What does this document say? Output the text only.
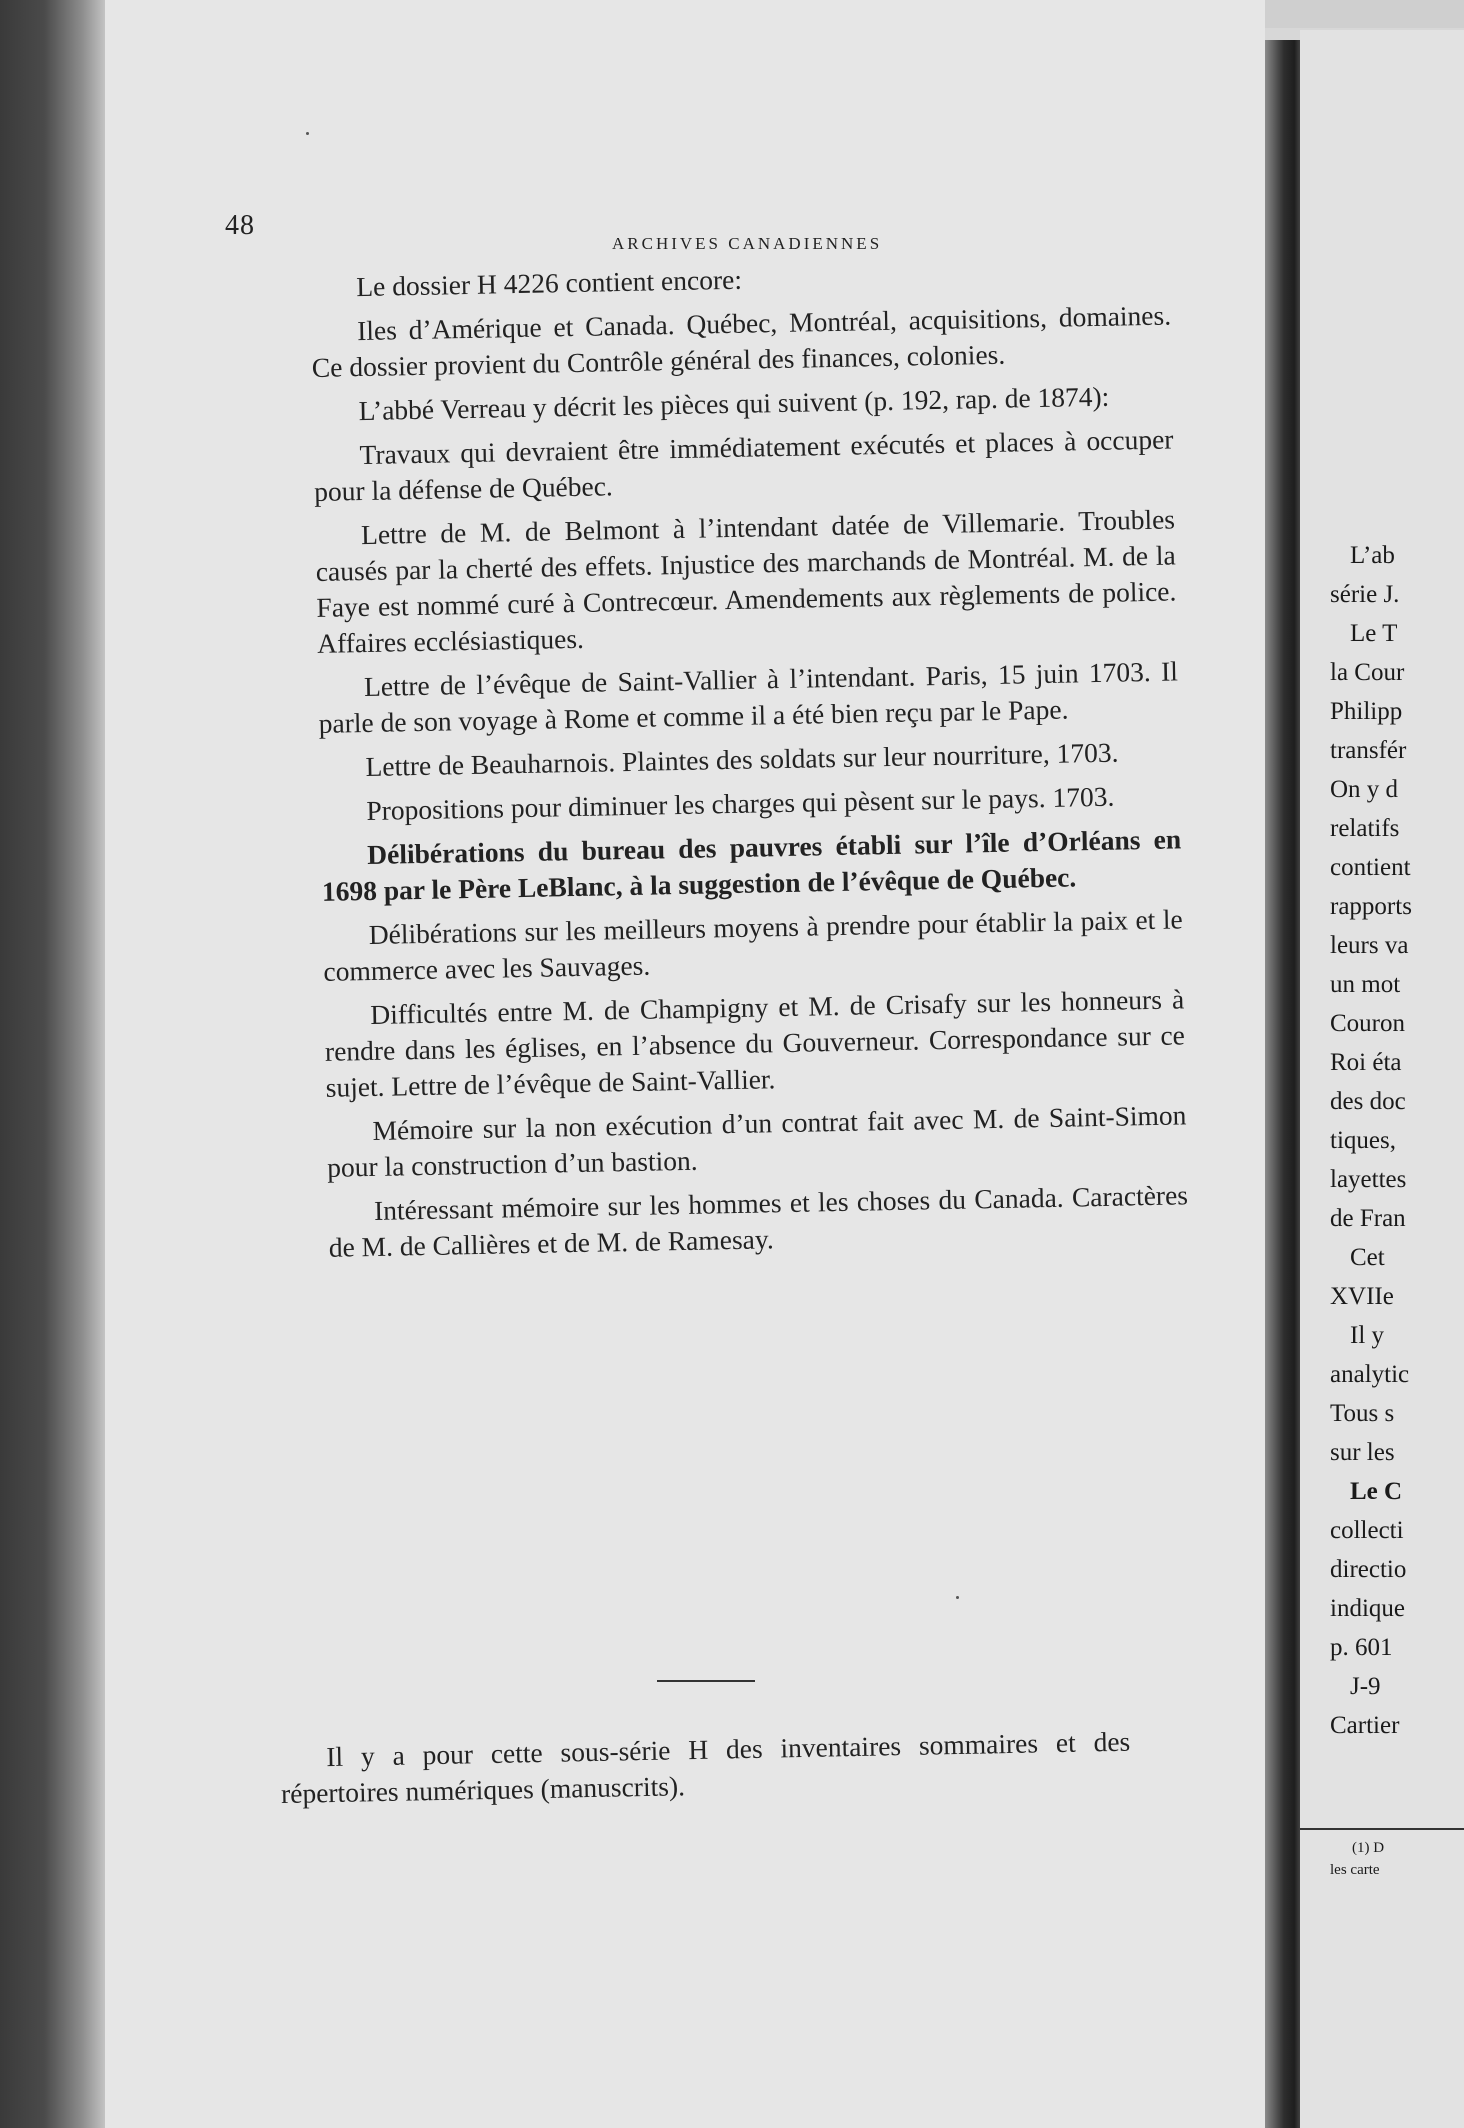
48
ARCHIVES CANADIENNES

Le dossier H 4226 contient encore:

Iles d’Amérique et Canada. Québec, Montréal, acquisitions, domaines. Ce dossier provient du Contrôle général des finances, colonies.

L’abbé Verreau y décrit les pièces qui suivent (p. 192, rap. de 1874):

Travaux qui devraient être immédiatement exécutés et places à occuper pour la défense de Québec.

Lettre de M. de Belmont à l’intendant datée de Villemarie. Troubles causés par la cherté des effets. Injustice des marchands de Montréal. M. de la Faye est nommé curé à Contrecœur. Amendements aux règlements de police. Affaires ecclésiastiques.

Lettre de l’évêque de Saint-Vallier à l’intendant. Paris, 15 juin 1703. Il parle de son voyage à Rome et comme il a été bien reçu par le Pape.

Lettre de Beauharnois. Plaintes des soldats sur leur nourriture, 1703.

Propositions pour diminuer les charges qui pèsent sur le pays. 1703.

Délibérations du bureau des pauvres établi sur l’île d’Orléans en 1698 par le Père LeBlanc, à la suggestion de l’évêque de Québec.

Délibérations sur les meilleurs moyens à prendre pour établir la paix et le commerce avec les Sauvages.

Difficultés entre M. de Champigny et M. de Crisafy sur les honneurs à rendre dans les églises, en l’absence du Gouverneur. Correspondance sur ce sujet. Lettre de l’évêque de Saint-Vallier.

Mémoire sur la non exécution d’un contrat fait avec M. de Saint-Simon pour la construction d’un bastion.

Intéressant mémoire sur les hommes et les choses du Canada. Caractères de M. de Callières et de M. de Ramesay.

Il y a pour cette sous-série H des inventaires sommaires et des répertoires numériques (manuscrits).

L’ab
série J.
Le T
la Cour
Philipp
transfér
On y d
relatifs
contient
rapports
leurs va
un mot
Couron
Roi éta
des doc
tiques,
layettes
de Fran
Cet
XVIIe
Il y
analytic
Tous s
sur les
Le C
collecti
directio
indique
p. 601
J-9
Cartier
(1) D
les carte
